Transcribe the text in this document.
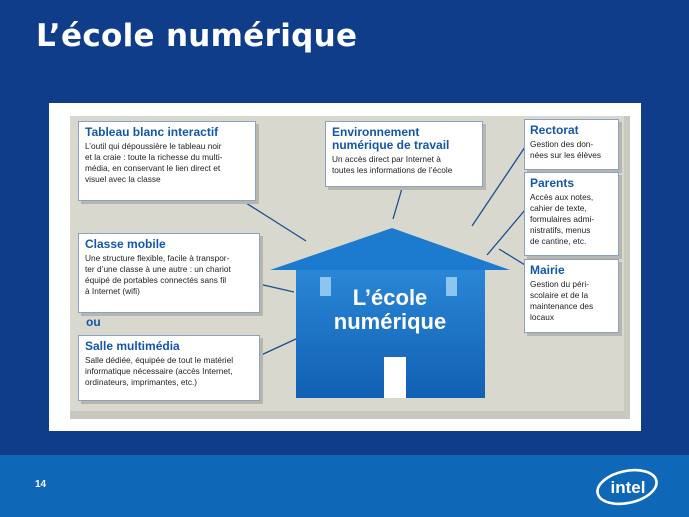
L’école numérique
L’école
numérique
Tableau blanc interactif

L’outil qui dépoussière le tableau noir
et la craie : toute la richesse du multi-
média, en conservant le lien direct et
visuel avec la classe

Classe mobile

Une structure flexible, facile à transpor-
ter d’une classe à une autre : un chariot
équipé de portables connectés sans fil
à Internet (wifi)

ou
Salle multimédia

Salle dédiée, équipée de tout le matériel
informatique nécessaire (accès Internet,
ordinateurs, imprimantes, etc.)

Environnement
numérique de travail

Un accès direct par Internet à
toutes les informations de l’école

Rectorat

Gestion des don-
nées sur les élèves

Parents

Accès aux notes,
cahier de texte,
formulaires admi-
nistratifs, menus
de cantine, etc.

Mairie

Gestion du péri-
scolaire et de la
maintenance des
locaux

14	intel
